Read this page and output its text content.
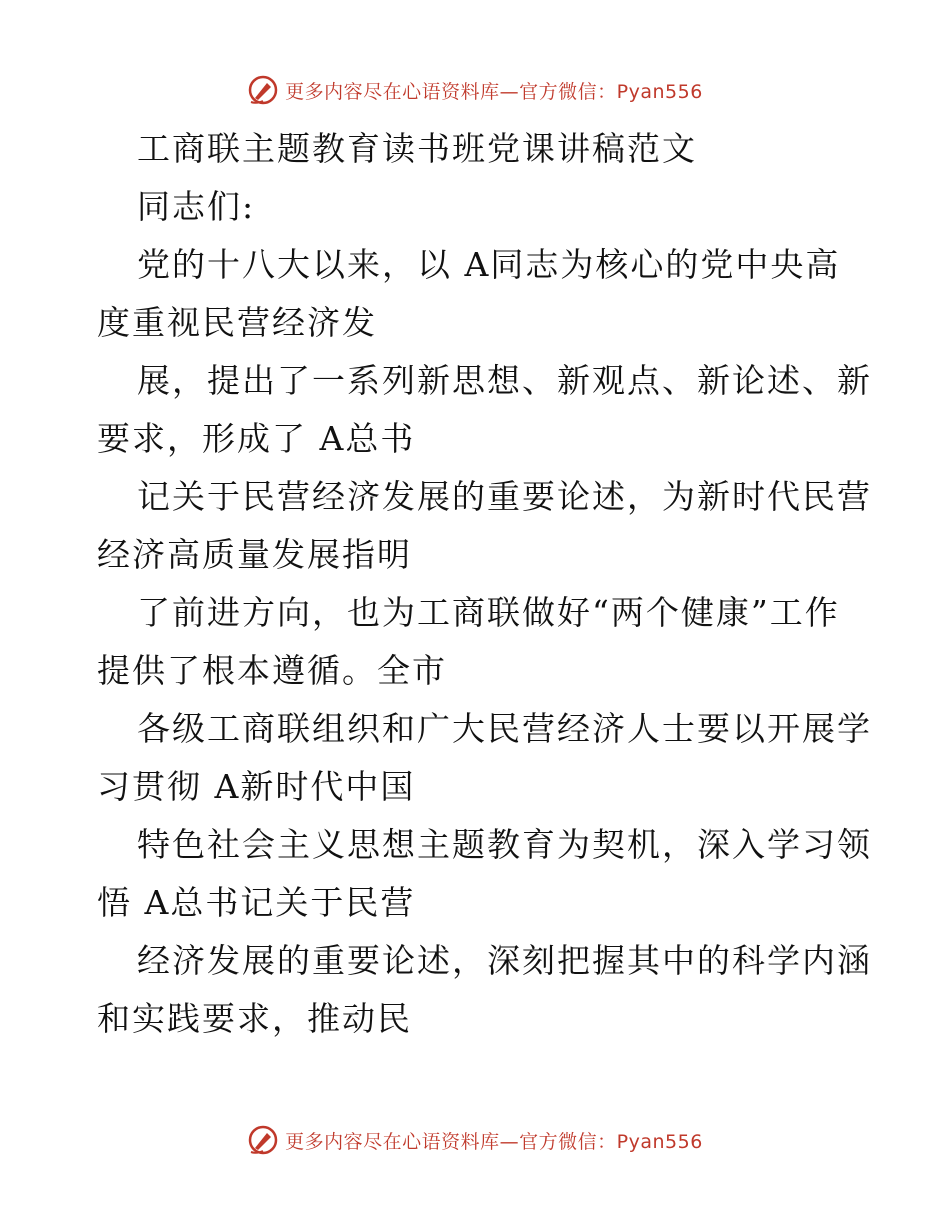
更多内容尽在心语资料库—官方微信：Pyan556
工商联主题教育读书班党课讲稿范文
同志们:
党的十八大以来，以 A同志为核心的党中央高
度重视民营经济发
展，提出了一系列新思想、新观点、新论述、新
要求，形成了 A总书
记关于民营经济发展的重要论述，为新时代民营
经济高质量发展指明
了前进方向，也为工商联做好“两个健康”工作
提供了根本遵循。全市
各级工商联组织和广大民营经济人士要以开展学
习贯彻 A新时代中国
特色社会主义思想主题教育为契机，深入学习领
悟 A总书记关于民营
经济发展的重要论述，深刻把握其中的科学内涵
和实践要求，推动民
更多内容尽在心语资料库—官方微信：Pyan556
